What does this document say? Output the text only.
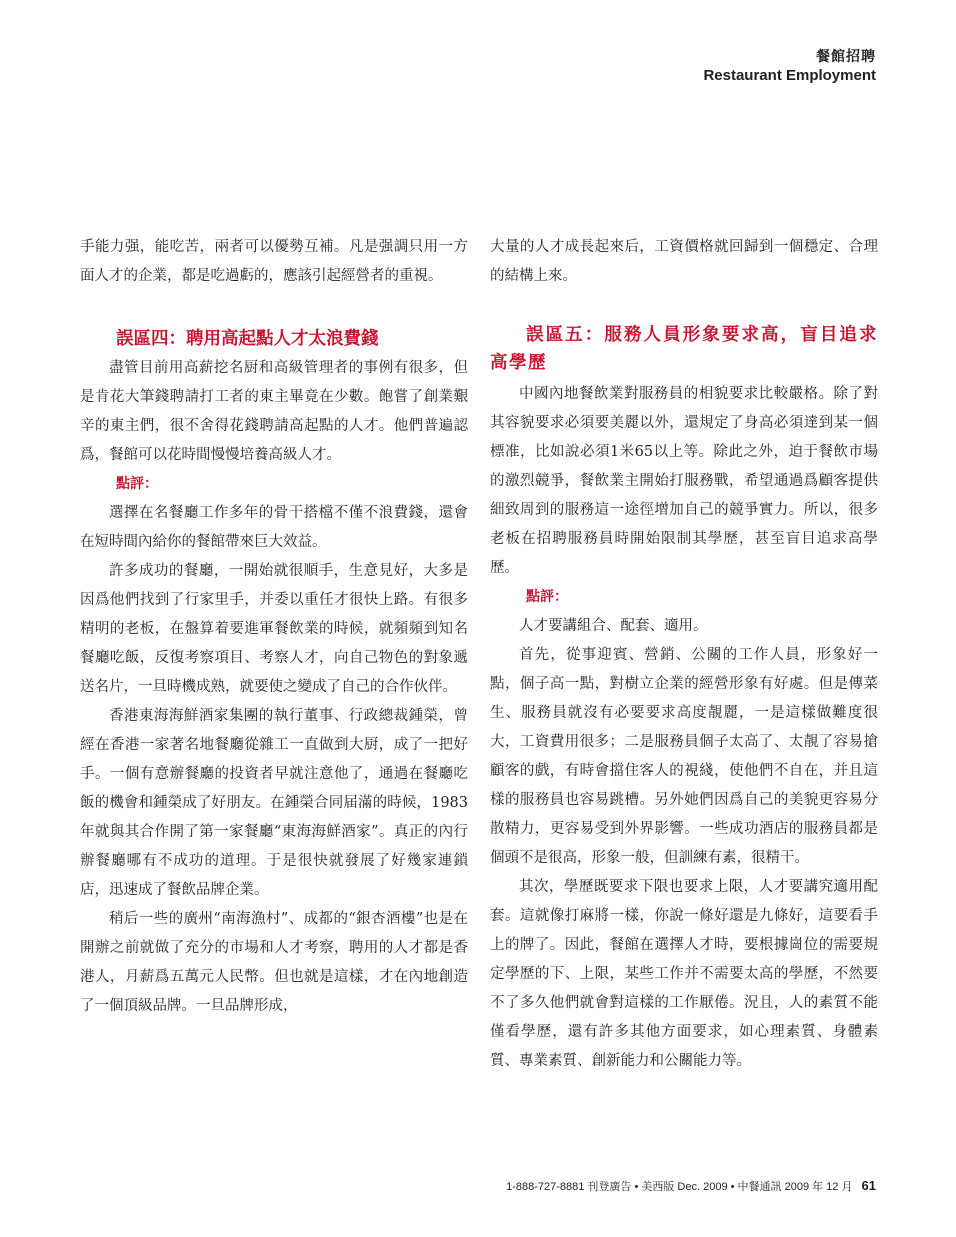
餐館招聘
Restaurant Employment

手能力强，能吃苦，兩者可以優勢互補。凡是强調只用一方面人才的企業，都是吃過虧的，應該引起經營者的重視。

誤區四：聘用高起點人才太浪費錢

盡管目前用高薪挖名厨和高級管理者的事例有很多，但是肯花大筆錢聘請打工者的東主畢竟在少數。飽嘗了創業艱辛的東主們，很不舍得花錢聘請高起點的人才。他們普遍認爲，餐館可以花時間慢慢培養高級人才。

點評：

選擇在名餐廳工作多年的骨干搭檔不僅不浪費錢，還會在短時間內給你的餐館帶來巨大效益。

許多成功的餐廳，一開始就很順手，生意見好，大多是因爲他們找到了行家里手，并委以重任才很快上路。有很多精明的老板，在盤算着要進軍餐飲業的時候，就頻頻到知名餐廳吃飯，反復考察項目、考察人才，向自己物色的對象遞送名片，一旦時機成熟，就要使之變成了自己的合作伙伴。

香港東海海鮮酒家集團的執行董事、行政總裁鍾榮，曾經在香港一家著名地餐廳從雜工一直做到大厨，成了一把好手。一個有意辦餐廳的投資者早就注意他了，通過在餐廳吃飯的機會和鍾榮成了好朋友。在鍾榮合同届滿的時候，1983年就與其合作開了第一家餐廳“東海海鮮酒家”。真正的內行辦餐廳哪有不成功的道理。于是很快就發展了好幾家連鎖店，迅速成了餐飲品牌企業。

稍后一些的廣州“南海漁村”、成都的“銀杏酒樓”也是在開辦之前就做了充分的市場和人才考察，聘用的人才都是香港人，月薪爲五萬元人民幣。但也就是這樣，才在內地創造了一個頂級品牌。一旦品牌形成，

大量的人才成長起來后，工資價格就回歸到一個穩定、合理的結構上來。

誤區五：服務人員形象要求高，盲目追求高學歷

中國內地餐飲業對服務員的相貌要求比較嚴格。除了對其容貌要求必須要美麗以外，還規定了身高必須達到某一個標准，比如說必須1米65以上等。除此之外，迫于餐飲市場的激烈競爭，餐飲業主開始打服務戰，希望通過爲顧客提供細致周到的服務這一途徑增加自己的競爭實力。所以，很多老板在招聘服務員時開始限制其學歷，甚至盲目追求高學歷。

點評：

人才要講組合、配套、適用。

首先，從事迎賓、營銷、公關的工作人員，形象好一點，個子高一點，對樹立企業的經營形象有好處。但是傳菜生、服務員就沒有必要要求高度靚麗，一是這樣做難度很大，工資費用很多；二是服務員個子太高了、太靚了容易搶顧客的戲，有時會擋住客人的視綫，使他們不自在，并且這樣的服務員也容易跳槽。另外她們因爲自己的美貌更容易分散精力，更容易受到外界影響。一些成功酒店的服務員都是個頭不是很高，形象一般，但訓練有素，很精干。

其次，學歷既要求下限也要求上限，人才要講究適用配套。這就像打麻將一樣，你說一條好還是九條好，這要看手上的牌了。因此，餐館在選擇人才時，要根據崗位的需要規定學歷的下、上限，某些工作并不需要太高的學歷，不然要不了多久他們就會對這樣的工作厭倦。況且，人的素質不能僅看學歷，還有許多其他方面要求，如心理素質、身體素質、專業素質、創新能力和公關能力等。

1-888-727-8881 刊登廣告 • 美西版 Dec. 2009 • 中餐通訊 2009 年 12 月 61
